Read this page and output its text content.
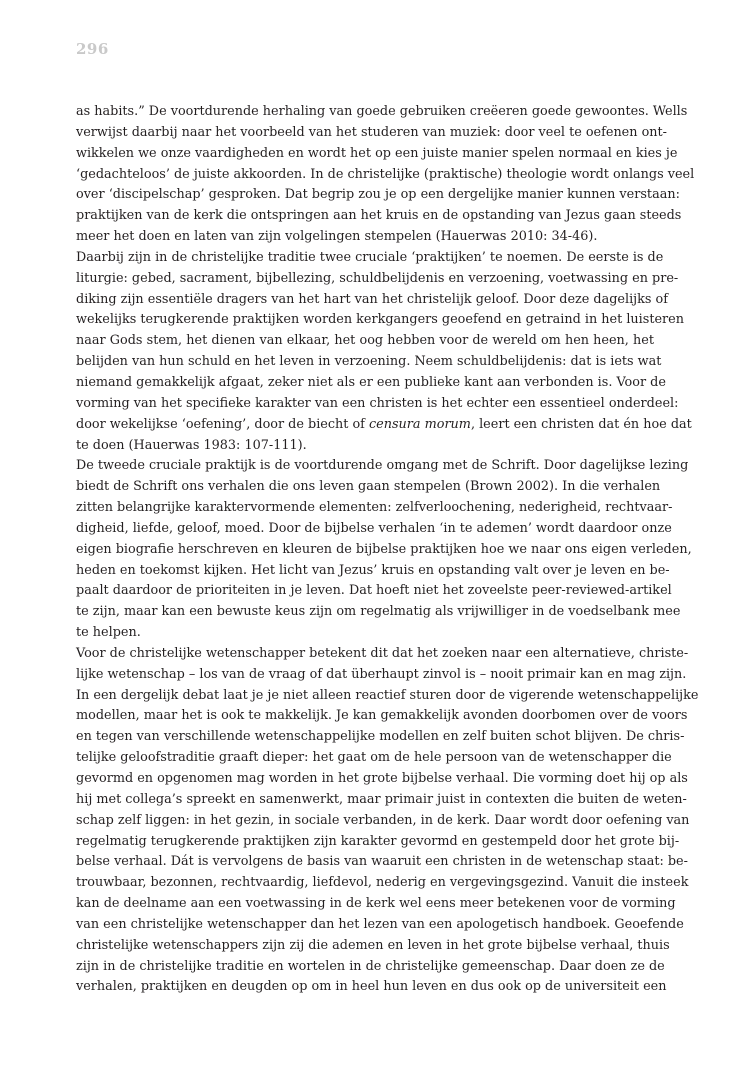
296
as habits.” De voortdurende herhaling van goede gebruiken creëeren goede gewoontes. Wells
verwijst daarbij naar het voorbeeld van het studeren van muziek: door veel te oefenen ont-
wikkelen we onze vaardigheden en wordt het op een juiste manier spelen normaal en kies je
‘gedachteloos’ de juiste akkoorden. In de christelijke (praktische) theologie wordt onlangs veel
over ‘discipelschap’ gesproken. Dat begrip zou je op een dergelijke manier kunnen verstaan:
praktijken van de kerk die ontspringen aan het kruis en de opstanding van Jezus gaan steeds
meer het doen en laten van zijn volgelingen stempelen (Hauerwas 2010: 34-46).
Daarbij zijn in de christelijke traditie twee cruciale ‘praktijken’ te noemen. De eerste is de
liturgie: gebed, sacrament, bijbellezing, schuldbelijdenis en verzoening, voetwassing en pre-
diking zijn essentiële dragers van het hart van het christelijk geloof. Door deze dagelijks of
wekelijks terugkerende praktijken worden kerkgangers geoefend en getraind in het luisteren
naar Gods stem, het dienen van elkaar, het oog hebben voor de wereld om hen heen, het
belijden van hun schuld en het leven in verzoening. Neem schuldbelijdenis: dat is iets wat
niemand gemakkelijk afgaat, zeker niet als er een publieke kant aan verbonden is. Voor de
vorming van het specifieke karakter van een christen is het echter een essentieel onderdeel:
door wekelijkse ‘oefening’, door de biecht of censura morum, leert een christen dat én hoe dat
te doen (Hauerwas 1983: 107-111).
De tweede cruciale praktijk is de voortdurende omgang met de Schrift. Door dagelijkse lezing
biedt de Schrift ons verhalen die ons leven gaan stempelen (Brown 2002). In die verhalen
zitten belangrijke karaktervormende elementen: zelfverloochening, nederigheid, rechtvaar-
digheid, liefde, geloof, moed. Door de bijbelse verhalen ‘in te ademen’ wordt daardoor onze
eigen biografie herschreven en kleuren de bijbelse praktijken hoe we naar ons eigen verleden,
heden en toekomst kijken. Het licht van Jezus’ kruis en opstanding valt over je leven en be-
paalt daardoor de prioriteiten in je leven. Dat hoeft niet het zoveelste peer-reviewed-artikel
te zijn, maar kan een bewuste keus zijn om regelmatig als vrijwilliger in de voedselbank mee
te helpen.
Voor de christelijke wetenschapper betekent dit dat het zoeken naar een alternatieve, christe-
lijke wetenschap – los van de vraag of dat überhaupt zinvol is – nooit primair kan en mag zijn.
In een dergelijk debat laat je je niet alleen reactief sturen door de vigerende wetenschappelijke
modellen, maar het is ook te makkelijk. Je kan gemakkelijk avonden doorbomen over de voors
en tegen van verschillende wetenschappelijke modellen en zelf buiten schot blijven. De chris-
telijke geloofstraditie graaft dieper: het gaat om de hele persoon van de wetenschapper die
gevormd en opgenomen mag worden in het grote bijbelse verhaal. Die vorming doet hij op als
hij met collega’s spreekt en samenwerkt, maar primair juist in contexten die buiten de weten-
schap zelf liggen: in het gezin, in sociale verbanden, in de kerk. Daar wordt door oefening van
regelmatig terugkerende praktijken zijn karakter gevormd en gestempeld door het grote bij-
belse verhaal. Dát is vervolgens de basis van waaruit een christen in de wetenschap staat: be-
trouwbaar, bezonnen, rechtvaardig, liefdevol, nederig en vergevingsgezind. Vanuit die insteek
kan de deelname aan een voetwassing in de kerk wel eens meer betekenen voor de vorming
van een christelijke wetenschapper dan het lezen van een apologetisch handboek. Geoefende
christelijke wetenschappers zijn zij die ademen en leven in het grote bijbelse verhaal, thuis
zijn in de christelijke traditie en wortelen in de christelijke gemeenschap. Daar doen ze de
verhalen, praktijken en deugden op om in heel hun leven en dus ook op de universiteit een
